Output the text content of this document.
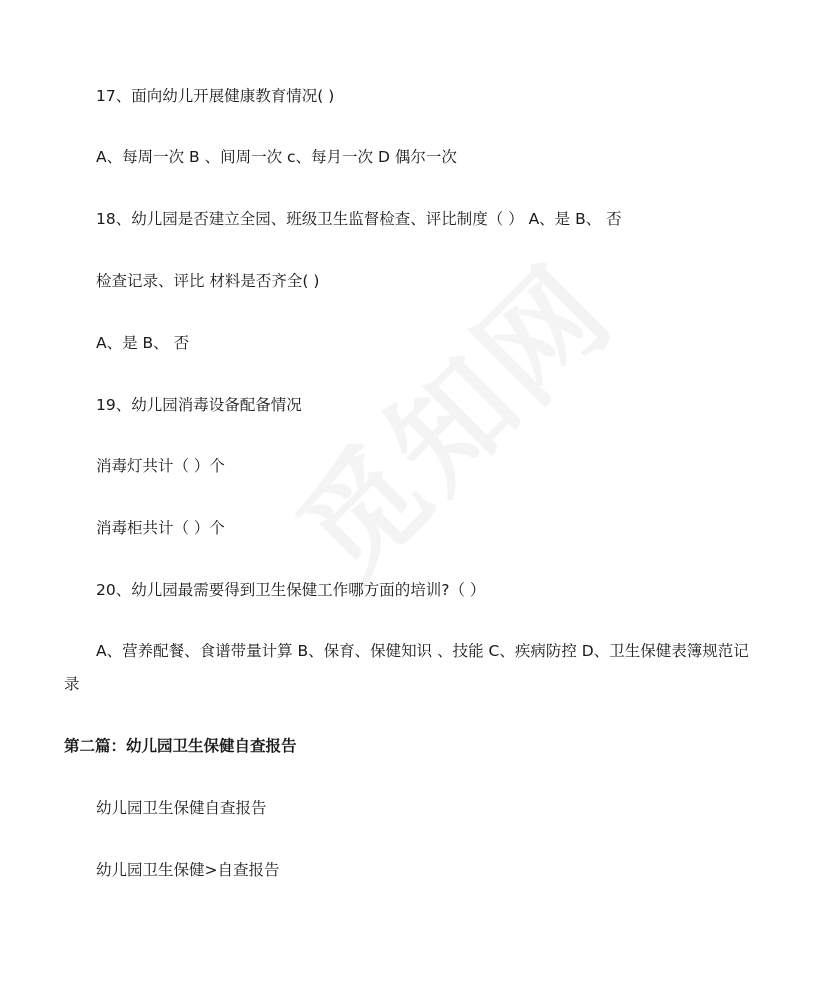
17、面向幼儿开展健康教育情况( )
A、每周一次 B 、间周一次 c、每月一次 D 偶尔一次
18、幼儿园是否建立全园、班级卫生监督检查、评比制度（ ） A、是 B、 否
检查记录、评比 材料是否齐全( )
A、是 B、 否
19、幼儿园消毒设备配备情况
消毒灯共计（ ）个
消毒柜共计（ ）个
20、幼儿园最需要得到卫生保健工作哪方面的培训?（ ）
A、营养配餐、食谱带量计算 B、保育、保健知识 、技能 C、疾病防控 D、卫生保健表簿规范记
录
第二篇：幼儿园卫生保健自查报告
幼儿园卫生保健自查报告
幼儿园卫生保健>自查报告
